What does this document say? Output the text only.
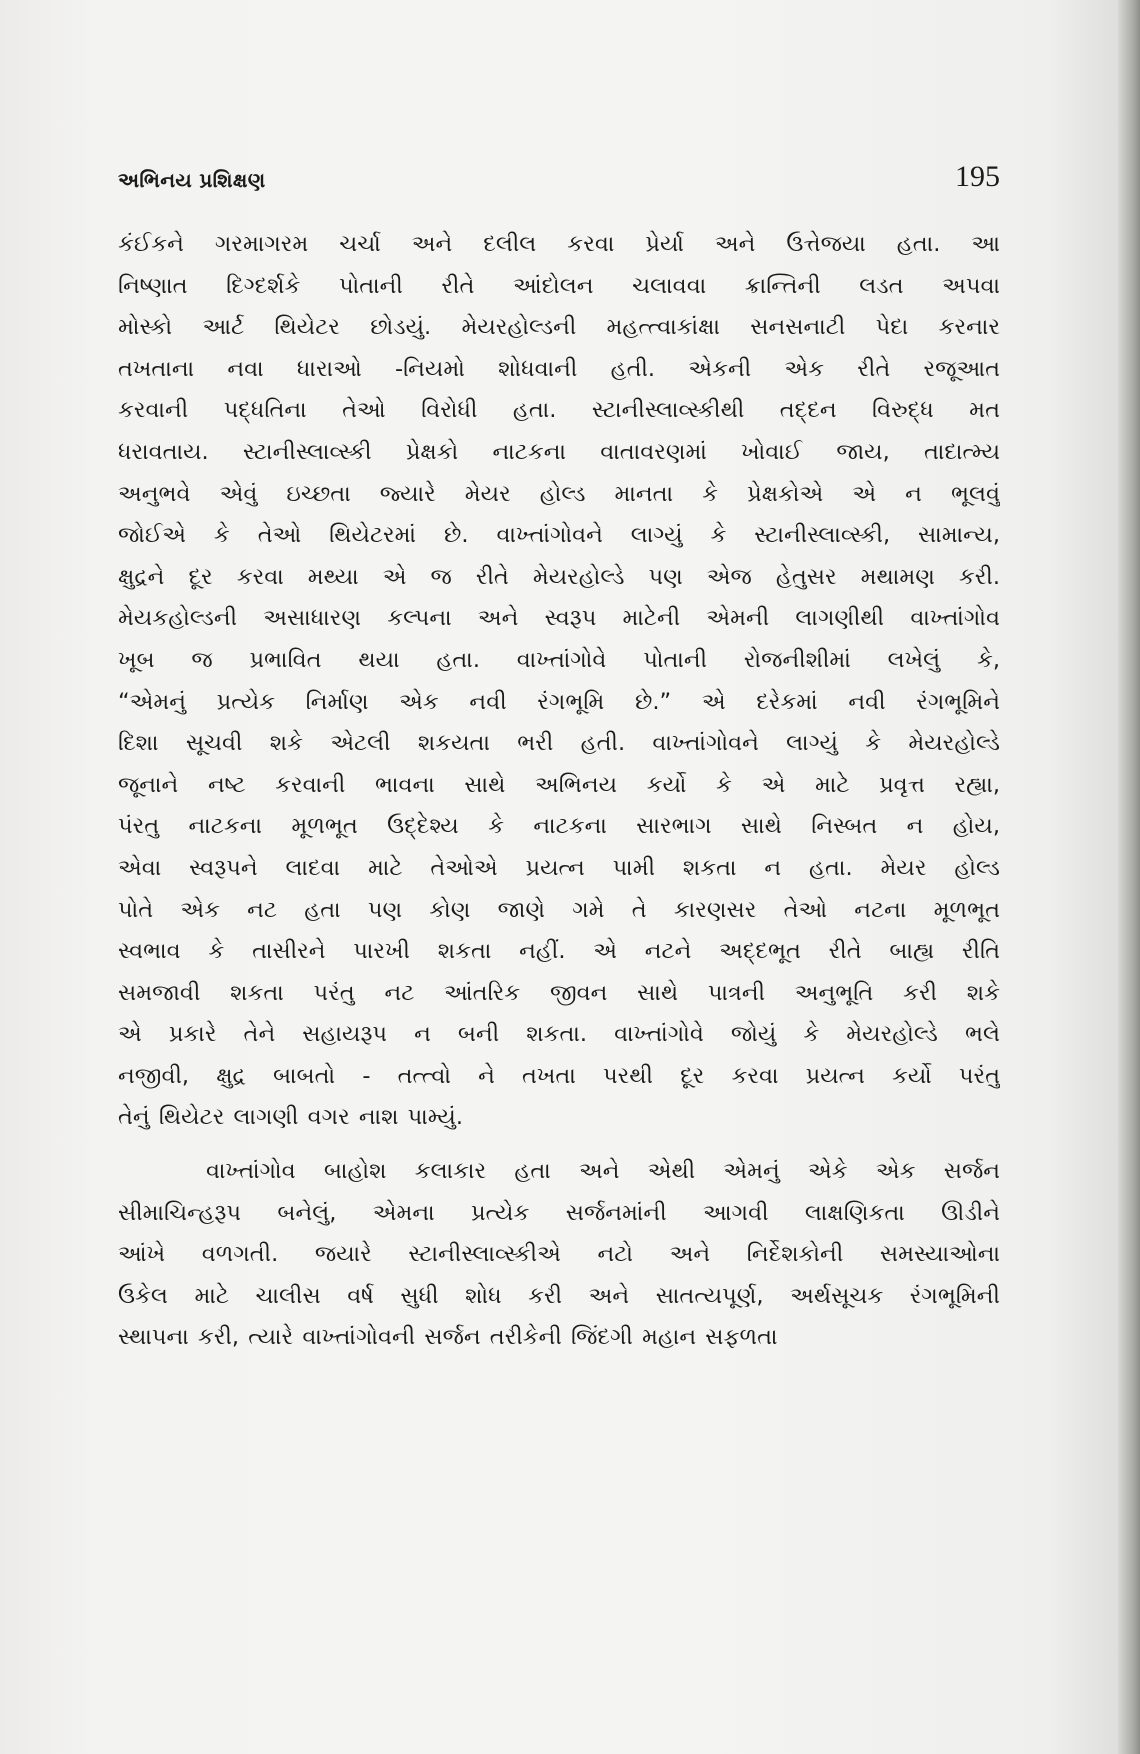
અભિનય પ્રશિક્ષણ	195

કંઈકને ગરમાગરમ ચર્ચા અને દલીલ કરવા પ્રેર્યા અને ઉત્તેજયા હતા. આ
નિષ્ણાત દિગ્દર્શકે પોતાની રીતે આંદોલન ચલાવવા ક્રાન્તિની લડત અપવા
મોસ્કો આર્ટ થિયેટર છોડયું. મેયરહોલ્ડની મહત્ત્વાકાંક્ષા સનસનાટી પેદા કરનાર
તખતાના નવા ધારાઓ -નિયમો શોધવાની હતી. એકની એક રીતે રજૂઆત
કરવાની પદ્ધતિના તેઓ વિરોધી હતા. સ્ટાનીસ્લાવ્સ્કીથી તદ્દન વિરુદ્ધ મત
ધરાવતાય. સ્ટાનીસ્લાવ્સ્કી પ્રેક્ષકો નાટકના વાતાવરણમાં ખોવાઈ જાય, તાદાત્મ્ય
અનુભવે એવું ઇચ્છતા જ્યારે મેયર હોલ્ડ માનતા કે પ્રેક્ષકોએ એ ન ભૂલવું
જોઈએ કે તેઓ થિયેટરમાં છે. વાખ્તાંગોવને લાગ્યું કે સ્ટાનીસ્લાવ્સ્કી, સામાન્ય,
ક્ષુદ્રને દૂર કરવા મથ્યા એ જ રીતે મેયરહોલ્ડે પણ એજ હેતુસર મથામણ કરી.
મેયકહોલ્ડની અસાધારણ કલ્પના અને સ્વરૂપ માટેની એમની લાગણીથી વાખ્તાંગોવ
ખૂબ જ પ્રભાવિત થયા હતા. વાખ્તાંગોવે પોતાની રોજનીશીમાં લખેલું કે,
“એમનું પ્રત્યેક નિર્માણ એક નવી રંગભૂમિ છે.” એ દરેકમાં નવી રંગભૂમિને
દિશા સૂચવી શકે એટલી શકયતા ભરી હતી. વાખ્તાંગોવને લાગ્યું કે મેયરહોલ્ડે
જૂનાને નષ્ટ કરવાની ભાવના સાથે અભિનય કર્યો કે એ માટે પ્રવૃત્ત રહ્યા,
પંરતુ નાટકના મૂળભૂત ઉદ્દેશ્ય કે નાટકના સારભાગ સાથે નિસ્બત ન હોય,
એવા સ્વરૂપને લાદવા માટે તેઓએ પ્રયત્ન પામી શકતા ન હતા. મેયર હોલ્ડ
પોતે એક નટ હતા પણ કોણ જાણે ગમે તે કારણસર તેઓ નટના મૂળભૂત
સ્વભાવ કે તાસીરને પારખી શકતા નહીં. એ નટને અદ્દભૂત રીતે બાહ્ય રીતિ
સમજાવી શકતા પરંતુ નટ આંતરિક જીવન સાથે પાત્રની અનુભૂતિ કરી શકે
એ પ્રકારે તેને સહાયરૂપ ન બની શકતા. વાખ્તાંગોવે જોયું કે મેયરહોલ્ડે ભલે
નજીવી, ક્ષુદ્ર બાબતો - તત્ત્વો ને તખતા પરથી દૂર કરવા પ્રયત્ન કર્યો પરંતુ
તેનું થિયેટર લાગણી વગર નાશ પામ્યું.

વાખ્તાંગોવ બાહોશ કલાકાર હતા અને એથી એમનું એકે એક સર્જન
સીમાચિન્હરૂપ બનેલું, એમના પ્રત્યેક સર્જનમાંની આગવી લાક્ષણિકતા ઊડીને
આંખે વળગતી. જયારે સ્ટાનીસ્લાવ્સ્કીએ નટો અને નિર્દેશકોની સમસ્યાઓના
ઉકેલ માટે ચાલીસ વર્ષ સુધી શોધ કરી અને સાતત્યપૂર્ણ, અર્થસૂચક રંગભૂમિની
સ્થાપના કરી, ત્યારે વાખ્તાંગોવની સર્જન તરીકેની જિંદગી મહાન સફળતા
